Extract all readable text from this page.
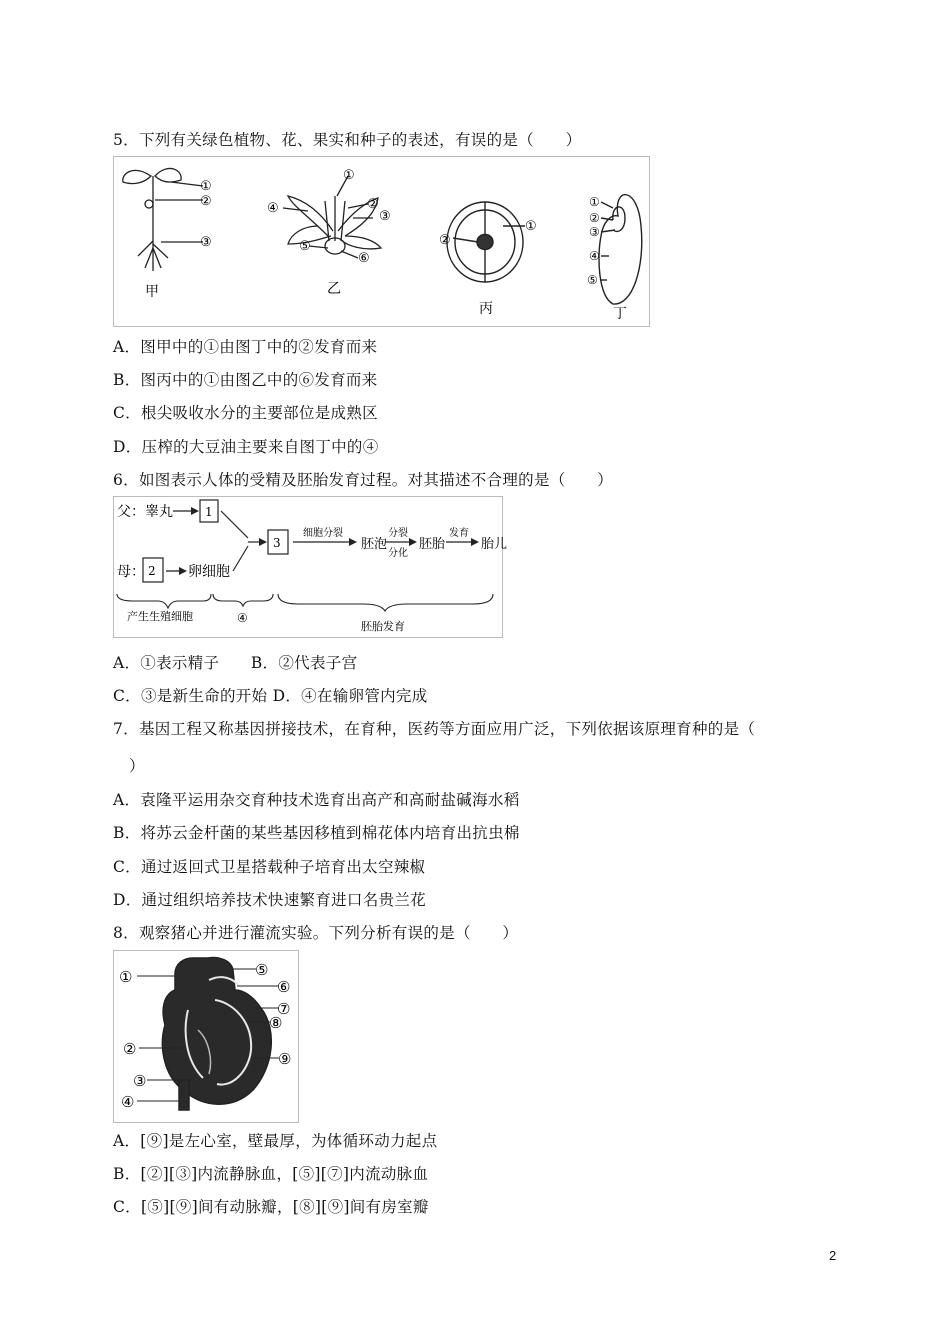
5．下列有关绿色植物、花、果实和种子的表述，有误的是（　　）
①
②
③
甲
①
②
③
④
⑤
⑥
乙
②
①
丙
①
②
③
④
⑤
丁
A．图甲中的①由图丁中的②发育而来
B．图丙中的①由图乙中的⑥发育而来
C．根尖吸收水分的主要部位是成熟区
D．压榨的大豆油主要来自图丁中的④
6．如图表示人体的受精及胚胎发育过程。对其描述不合理的是（　　）
父：睾丸	1
母： 2 卵细胞
3
细胞分裂
胚泡
分裂
分化
胚胎
发育
胎儿
产生生殖细胞	④
胚胎发育
A．①表示精子　　B．②代表子宫
C．③是新生命的开始 D．④在输卵管内完成
7．基因工程又称基因拼接技术，在育种，医药等方面应用广泛，下列依据该原理育种的是（
）
A．袁隆平运用杂交育种技术选育出高产和高耐盐碱海水稻
B．将苏云金杆菌的某些基因移植到棉花体内培育出抗虫棉
C．通过返回式卫星搭载种子培育出太空辣椒
D．通过组织培养技术快速繁育进口名贵兰花
8．观察猪心并进行灌流实验。下列分析有误的是（　　）
①
②
③
④
⑤
⑥
⑦
⑧
⑨
A．[⑨]是左心室，壁最厚，为体循环动力起点
B．[②][③]内流静脉血，[⑤][⑦]内流动脉血
C．[⑤][⑨]间有动脉瓣，[⑧][⑨]间有房室瓣
2
